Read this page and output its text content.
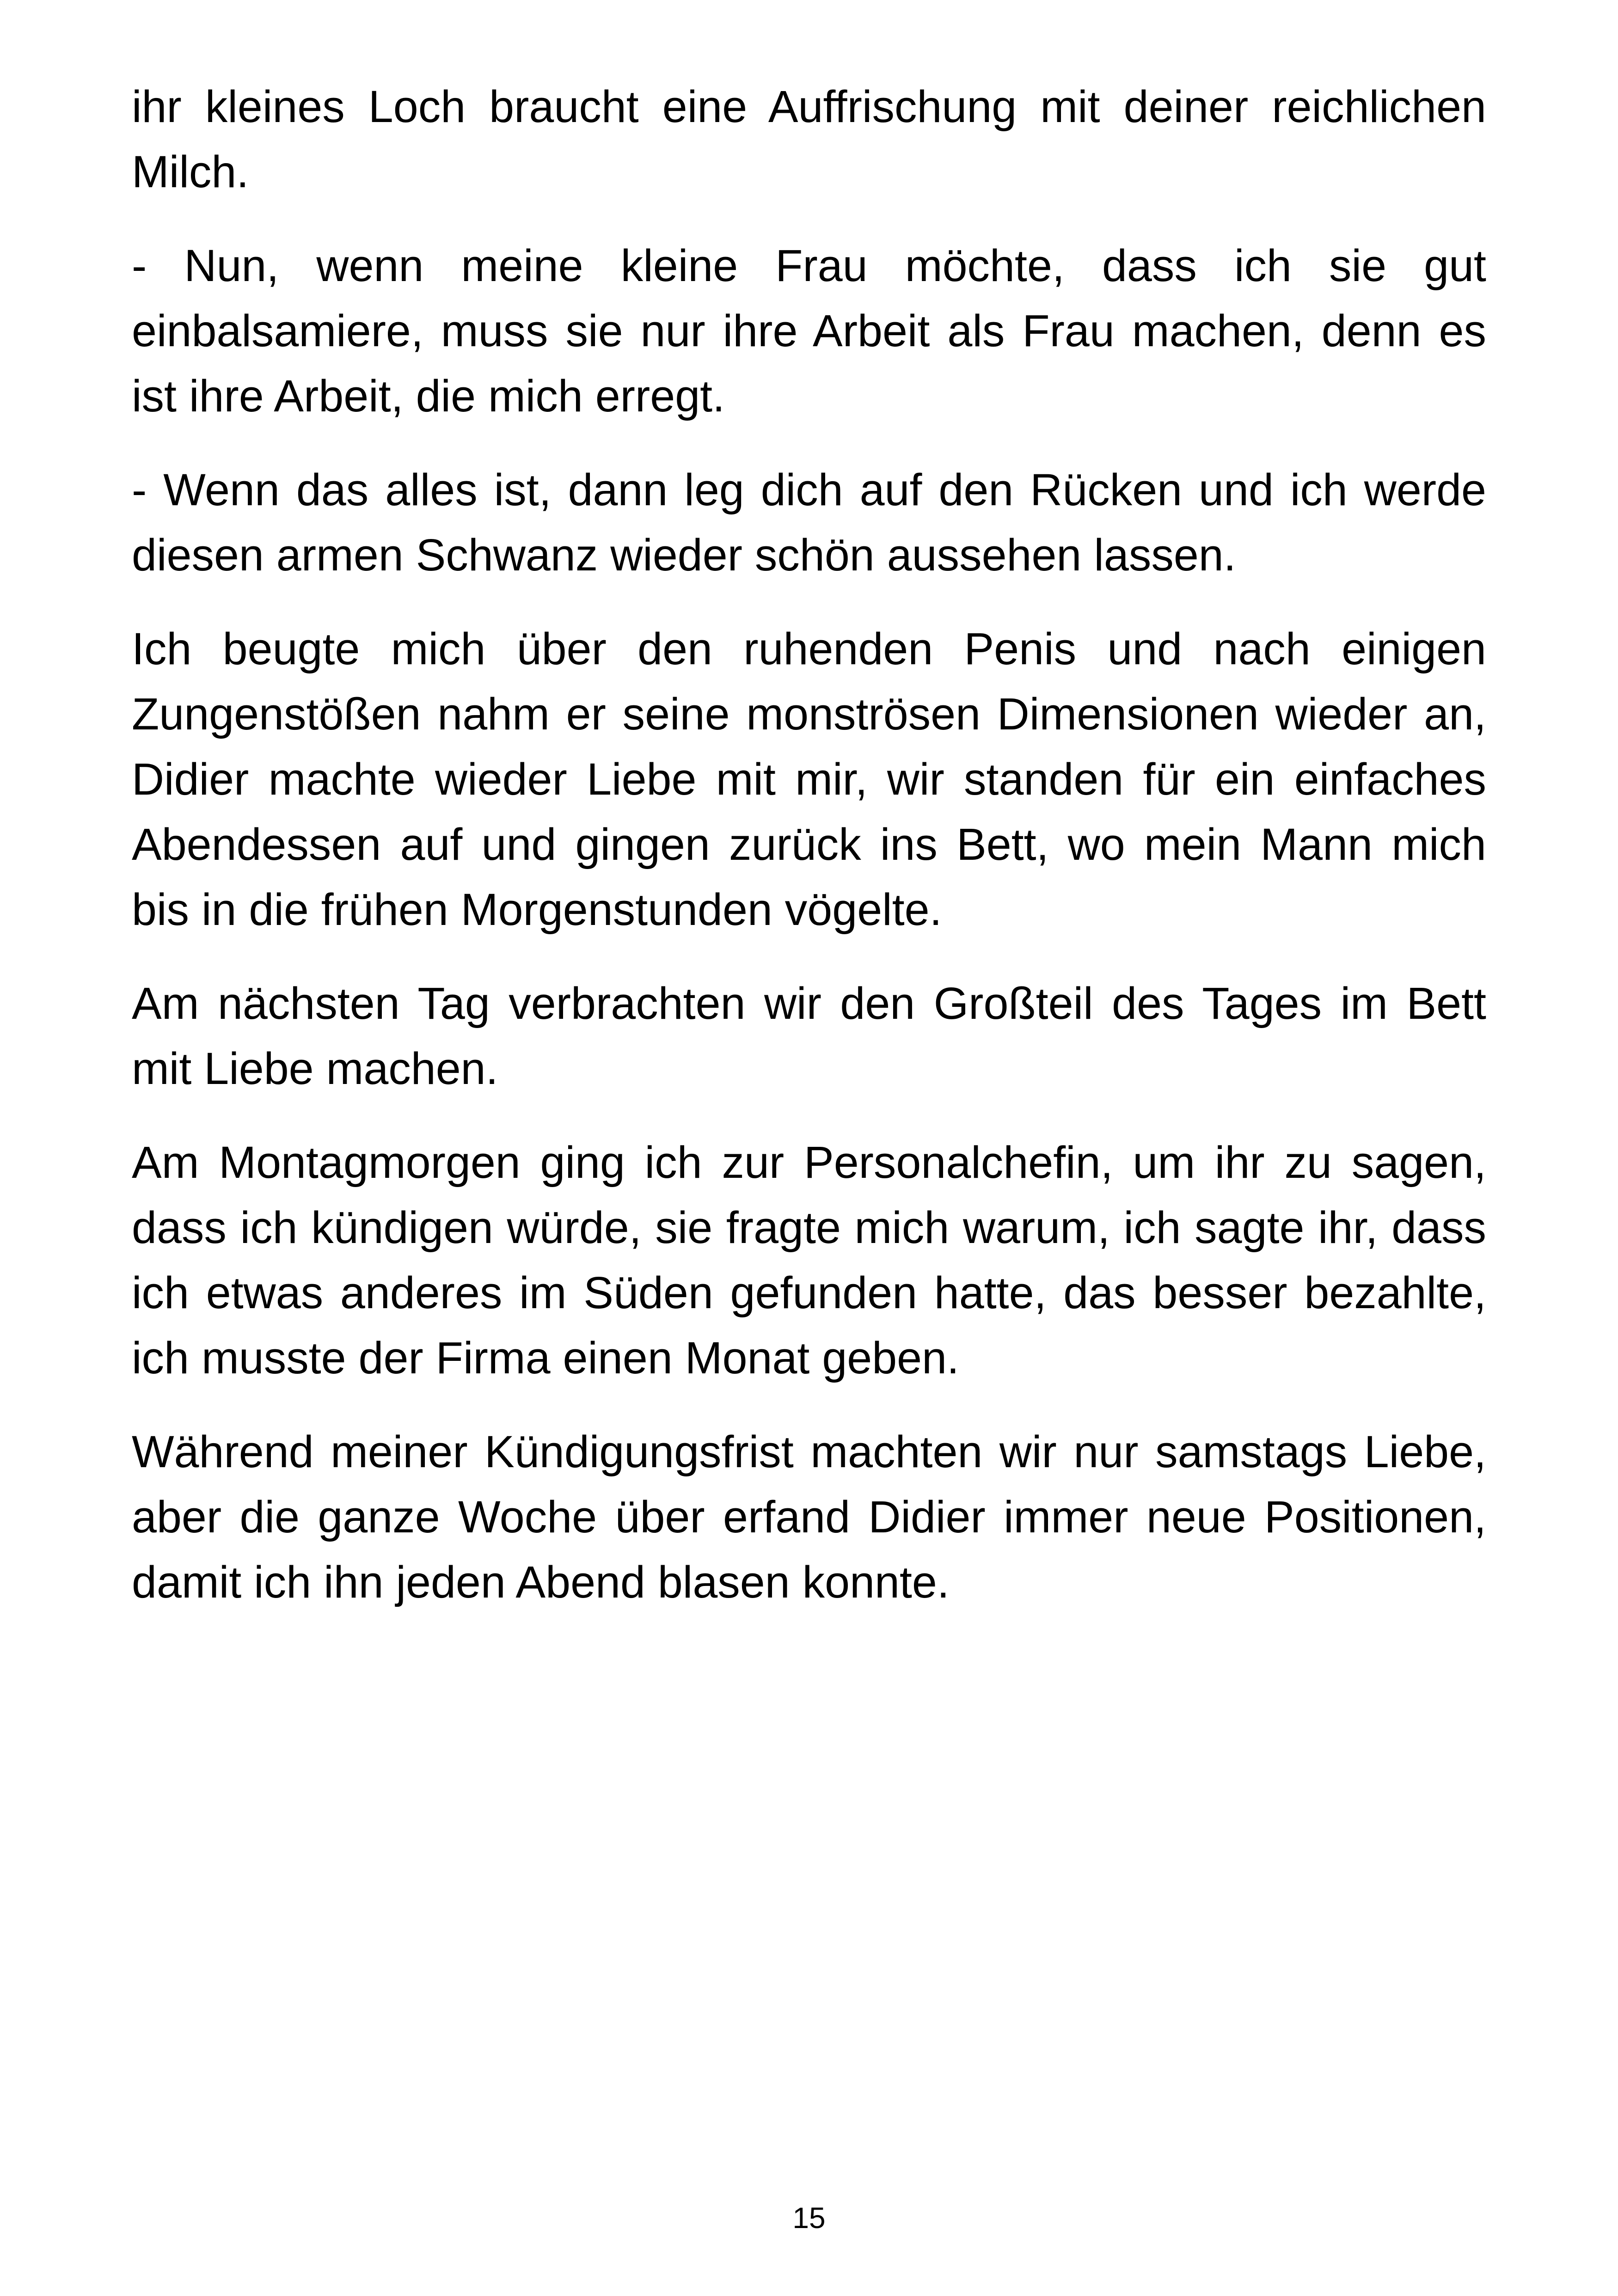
ihr kleines Loch braucht eine Auffrischung mit deiner reichlichen Milch.

- Nun, wenn meine kleine Frau möchte, dass ich sie gut einbalsamiere, muss sie nur ihre Arbeit als Frau machen, denn es ist ihre Arbeit, die mich erregt.

- Wenn das alles ist, dann leg dich auf den Rücken und ich werde diesen armen Schwanz wieder schön aussehen lassen.

Ich beugte mich über den ruhenden Penis und nach einigen Zungenstößen nahm er seine monströsen Dimensionen wieder an, Didier machte wieder Liebe mit mir, wir standen für ein einfaches Abendessen auf und gingen zurück ins Bett, wo mein Mann mich bis in die frühen Morgenstunden vögelte.

Am nächsten Tag verbrachten wir den Großteil des Tages im Bett mit Liebe machen.

Am Montagmorgen ging ich zur Personalchefin, um ihr zu sagen, dass ich kündigen würde, sie fragte mich warum, ich sagte ihr, dass ich etwas anderes im Süden gefunden hatte, das besser bezahlte, ich musste der Firma einen Monat geben.

Während meiner Kündigungsfrist machten wir nur samstags Liebe, aber die ganze Woche über erfand Didier immer neue Positionen, damit ich ihn jeden Abend blasen konnte.

15
